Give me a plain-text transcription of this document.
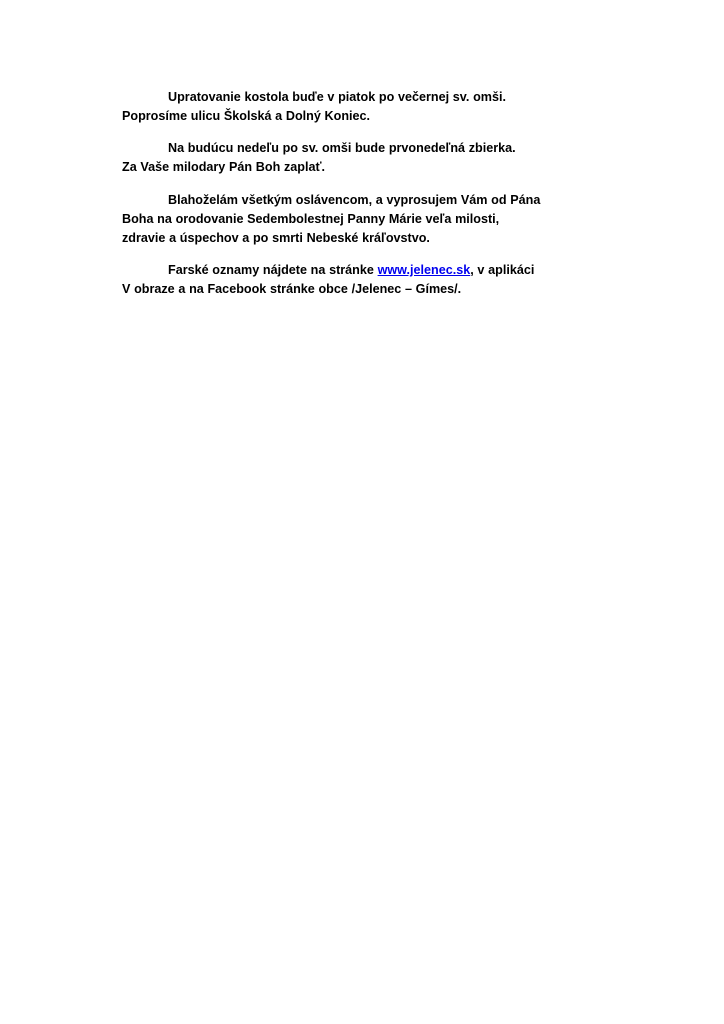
Upratovanie kostola buďe v piatok po večernej sv. omši.
Poprosíme ulicu Školská a Dolný Koniec.

Na budúcu nedeľu po sv. omši bude prvonedeľná zbierka.
Za Vaše milodary Pán Boh zaplať.

Blahoželám všetkým oslávencom, a vyprosujem Vám od Pána
Boha na orodovanie Sedembolestnej Panny Márie veľa milosti,
zdravie a úspechov a po smrti Nebeské kráľovstvo.

Farské oznamy nájdete na stránke www.jelenec.sk, v aplikáci
V obraze a na Facebook stránke obce /Jelenec – Gímes/.
